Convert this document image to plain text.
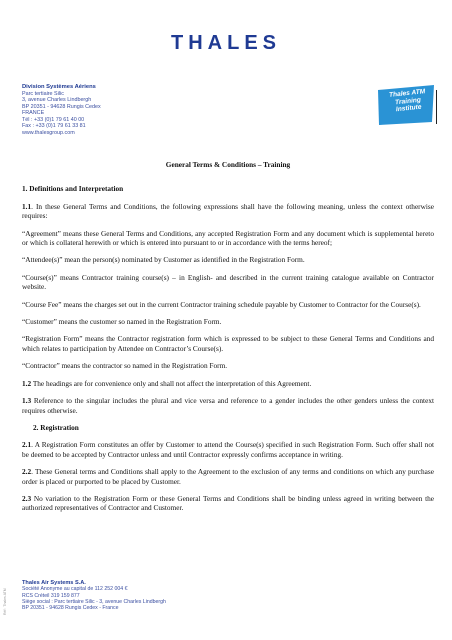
THALES
Division Systèmes Aériens
Parc tertiaire Silic
3, avenue Charles Lindbergh
BP 20351 - 94628 Rungis Cedex
FRANCE
Tél : +33 (0)1 79 61 40 00
Fax : +33 (0)1 79 61 33 81
www.thalesgroup.com
Thales ATM
Training
Institute
General Terms & Conditions – Training
1. Definitions and Interpretation

1.1. In these General Terms and Conditions, the following expressions shall have the following meaning, unless the context otherwise requires:

“Agreement” means these General Terms and Conditions, any accepted Registration Form and any document which is supplemental hereto or which is collateral herewith or which is entered into pursuant to or in accordance with the terms hereof;

“Attendee(s)” mean the person(s) nominated by Customer as identified in the Registration Form.

“Course(s)” means Contractor training course(s) – in English- and described in the current training catalogue available on Contractor website.

“Course Fee” means the charges set out in the current Contractor training schedule payable by Customer to Contractor for the Course(s).

“Customer” means the customer so named in the Registration Form.

“Registration Form” means the Contractor registration form which is expressed to be subject to these General Terms and Conditions and which relates to participation by Attendee on Contractor’s Course(s).

“Contractor” means the contractor so named in the Registration Form.

1.2 The headings are for convenience only and shall not affect the interpretation of this Agreement.

1.3 Reference to the singular includes the plural and vice versa and reference to a gender includes the other genders unless the context requires otherwise.

2. Registration

2.1. A Registration Form constitutes an offer by Customer to attend the Course(s) specified in such Registration Form. Such offer shall not be deemed to be accepted by Contractor unless and until Contractor expressly confirms acceptance in writing.

2.2. These General terms and Conditions shall apply to the Agreement to the exclusion of any terms and conditions on which any purchase order is placed or purported to be placed by Customer.

2.3 No variation to the Registration Form or these General Terms and Conditions shall be binding unless agreed in writing between the authorized representatives of Contractor and Customer.

Réf : Thales ATM
Thales Air Systems S.A.
Société Anonyme au capital de 112 252 004 €
RCS Créteil 319 159 877
Siège social : Parc tertiaire Silic - 3, avenue Charles Lindbergh
BP 20351 - 94628 Rungis Cedex - France
